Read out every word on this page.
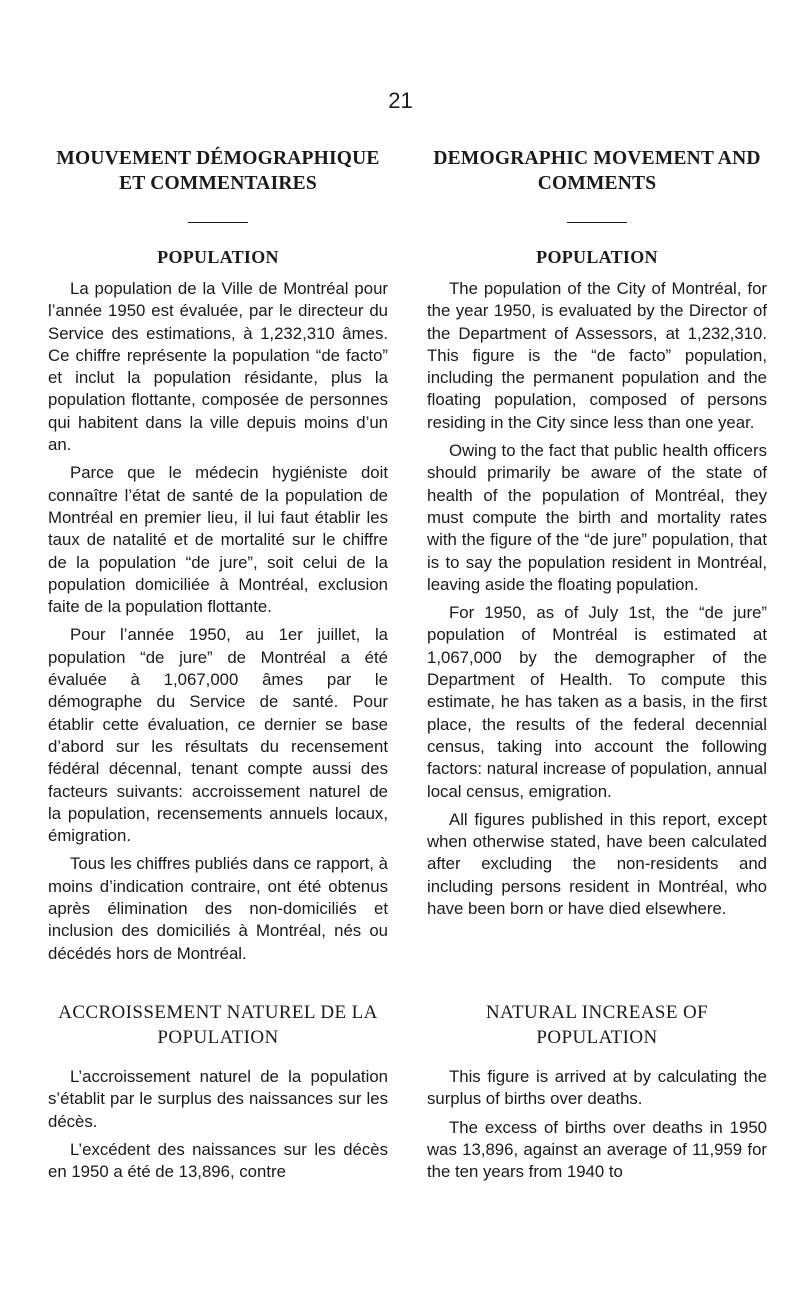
21
MOUVEMENT DÉMOGRAPHIQUE ET COMMENTAIRES
POPULATION

La population de la Ville de Montréal pour l’année 1950 est évaluée, par le directeur du Service des estimations, à 1,232,310 âmes. Ce chiffre représente la population “de facto” et inclut la population résidante, plus la population flottante, composée de personnes qui habitent dans la ville depuis moins d’un an.

Parce que le médecin hygiéniste doit connaître l’état de santé de la population de Montréal en premier lieu, il lui faut établir les taux de natalité et de mortalité sur le chiffre de la population “de jure”, soit celui de la population domiciliée à Montréal, exclusion faite de la population flottante.

Pour l’année 1950, au 1er juillet, la population “de jure” de Montréal a été évaluée à 1,067,000 âmes par le démographe du Service de santé. Pour établir cette évaluation, ce dernier se base d’abord sur les résultats du recensement fédéral décennal, tenant compte aussi des facteurs suivants: accroissement naturel de la population, recensements annuels locaux, émigration.

Tous les chiffres publiés dans ce rapport, à moins d’indication contraire, ont été obtenus après élimination des non-domiciliés et inclusion des domiciliés à Montréal, nés ou décédés hors de Montréal.

DEMOGRAPHIC MOVEMENT AND COMMENTS
POPULATION

The population of the City of Montréal, for the year 1950, is evaluated by the Director of the Department of Assessors, at 1,232,310. This figure is the “de facto” population, including the permanent population and the floating population, composed of persons residing in the City since less than one year.

Owing to the fact that public health officers should primarily be aware of the state of health of the population of Montréal, they must compute the birth and mortality rates with the figure of the “de jure” population, that is to say the population resident in Montréal, leaving aside the floating population.

For 1950, as of July 1st, the “de jure” population of Montréal is estimated at 1,067,000 by the demographer of the Department of Health. To compute this estimate, he has taken as a basis, in the first place, the results of the federal decennial census, taking into account the following factors: natural increase of population, annual local census, emigration.

All figures published in this report, except when otherwise stated, have been calculated after excluding the non-residents and including persons resident in Montréal, who have been born or have died elsewhere.

ACCROISSEMENT NATUREL DE LA POPULATION

L’accroissement naturel de la population s’établit par le surplus des naissances sur les décès.

L’excédent des naissances sur les décès en 1950 a été de 13,896, contre

NATURAL INCREASE OF POPULATION

This figure is arrived at by calculating the surplus of births over deaths.

The excess of births over deaths in 1950 was 13,896, against an average of 11,959 for the ten years from 1940 to
